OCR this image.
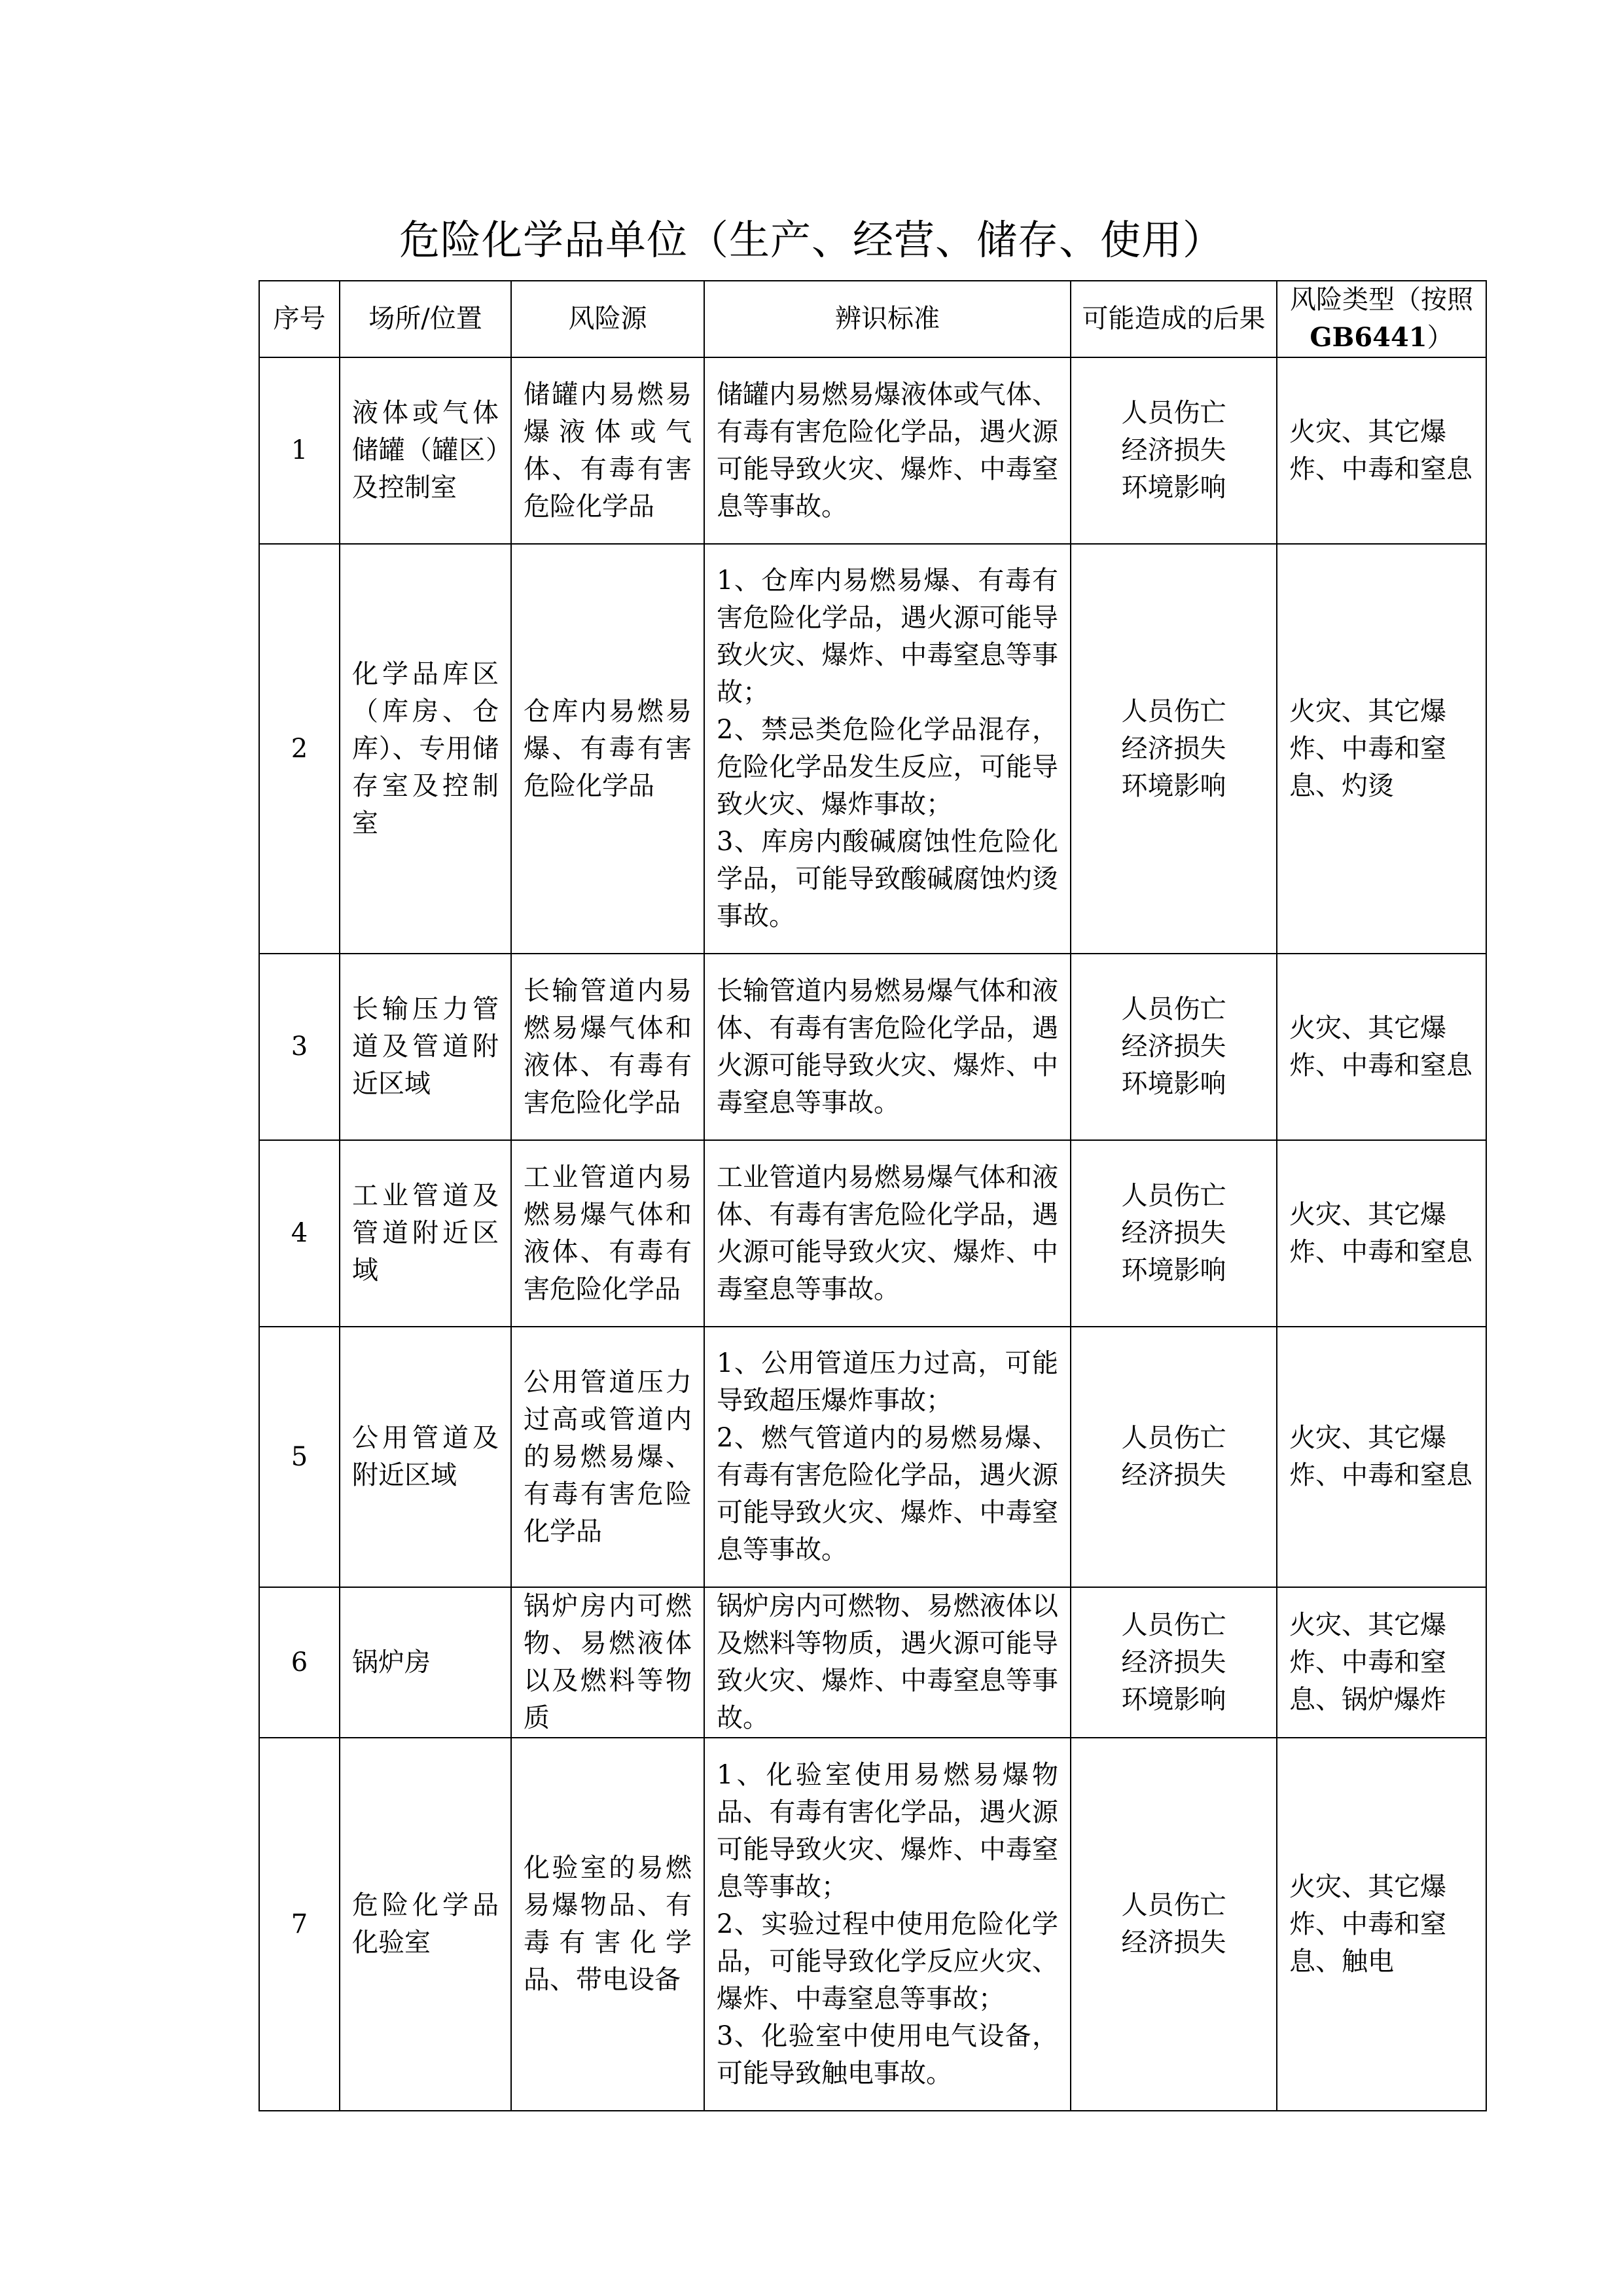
危险化学品单位（生产、经营、储存、使用）
序号	场所/位置	风险源	辨识标准	可能造成的后果	风险类型（按照GB6441）
1	液体或气体储罐（罐区）及控制室	储罐内易燃易爆液体或气体、有毒有害危险化学品	储罐内易燃易爆液体或气体、有毒有害危险化学品，遇火源可能导致火灾、爆炸、中毒窒息等事故。	人员伤亡
经济损失
环境影响	火灾、其它爆炸、中毒和窒息
2	化学品库区（库房、仓库）、专用储存室及控制室	仓库内易燃易爆、有毒有害危险化学品	1、仓库内易燃易爆、有毒有害危险化学品，遇火源可能导致火灾、爆炸、中毒窒息等事故；
2、禁忌类危险化学品混存，危险化学品发生反应，可能导致火灾、爆炸事故；
3、库房内酸碱腐蚀性危险化学品，可能导致酸碱腐蚀灼烫事故。	人员伤亡
经济损失
环境影响	火灾、其它爆炸、中毒和窒息、灼烫
3	长输压力管道及管道附近区域	长输管道内易燃易爆气体和液体、有毒有害危险化学品	长输管道内易燃易爆气体和液体、有毒有害危险化学品，遇火源可能导致火灾、爆炸、中毒窒息等事故。	人员伤亡
经济损失
环境影响	火灾、其它爆炸、中毒和窒息
4	工业管道及管道附近区域	工业管道内易燃易爆气体和液体、有毒有害危险化学品	工业管道内易燃易爆气体和液体、有毒有害危险化学品，遇火源可能导致火灾、爆炸、中毒窒息等事故。	人员伤亡
经济损失
环境影响	火灾、其它爆炸、中毒和窒息
5	公用管道及附近区域	公用管道压力过高或管道内的易燃易爆、有毒有害危险化学品	1、公用管道压力过高，可能导致超压爆炸事故；
2、燃气管道内的易燃易爆、有毒有害危险化学品，遇火源可能导致火灾、爆炸、中毒窒息等事故。	人员伤亡
经济损失	火灾、其它爆炸、中毒和窒息
6	锅炉房	锅炉房内可燃物、易燃液体以及燃料等物质	锅炉房内可燃物、易燃液体以及燃料等物质，遇火源可能导致火灾、爆炸、中毒窒息等事故。	人员伤亡
经济损失
环境影响	火灾、其它爆炸、中毒和窒息、锅炉爆炸
7	危险化学品化验室	化验室的易燃易爆物品、有毒有害化学品、带电设备	1、化验室使用易燃易爆物品、有毒有害化学品，遇火源可能导致火灾、爆炸、中毒窒息等事故；
2、实验过程中使用危险化学品，可能导致化学反应火灾、爆炸、中毒窒息等事故；
3、化验室中使用电气设备，可能导致触电事故。	人员伤亡
经济损失	火灾、其它爆炸、中毒和窒息、触电
